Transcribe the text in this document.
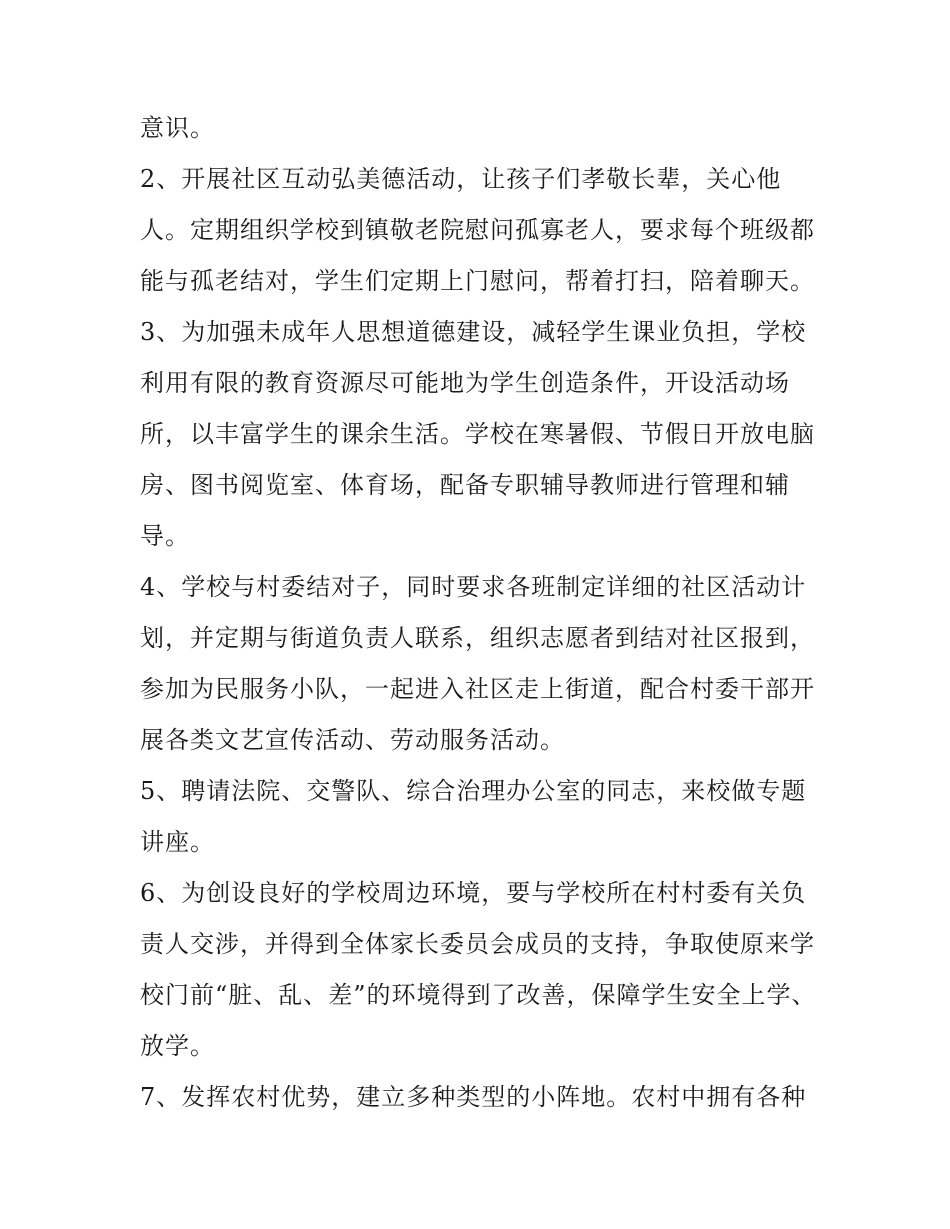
意识。
2、开展社区互动弘美德活动，让孩子们孝敬长辈，关心他
人。定期组织学校到镇敬老院慰问孤寡老人，要求每个班级都
能与孤老结对，学生们定期上门慰问，帮着打扫，陪着聊天。
3、为加强未成年人思想道德建设，减轻学生课业负担，学校
利用有限的教育资源尽可能地为学生创造条件，开设活动场
所，以丰富学生的课余生活。学校在寒暑假、节假日开放电脑
房、图书阅览室、体育场，配备专职辅导教师进行管理和辅
导。
4、学校与村委结对子，同时要求各班制定详细的社区活动计
划，并定期与街道负责人联系，组织志愿者到结对社区报到，
参加为民服务小队，一起进入社区走上街道，配合村委干部开
展各类文艺宣传活动、劳动服务活动。
5、聘请法院、交警队、综合治理办公室的同志，来校做专题
讲座。
6、为创设良好的学校周边环境，要与学校所在村村委有关负
责人交涉，并得到全体家长委员会成员的支持，争取使原来学
校门前“脏、乱、差”的环境得到了改善，保障学生安全上学、
放学。
7、发挥农村优势，建立多种类型的小阵地。农村中拥有各种
